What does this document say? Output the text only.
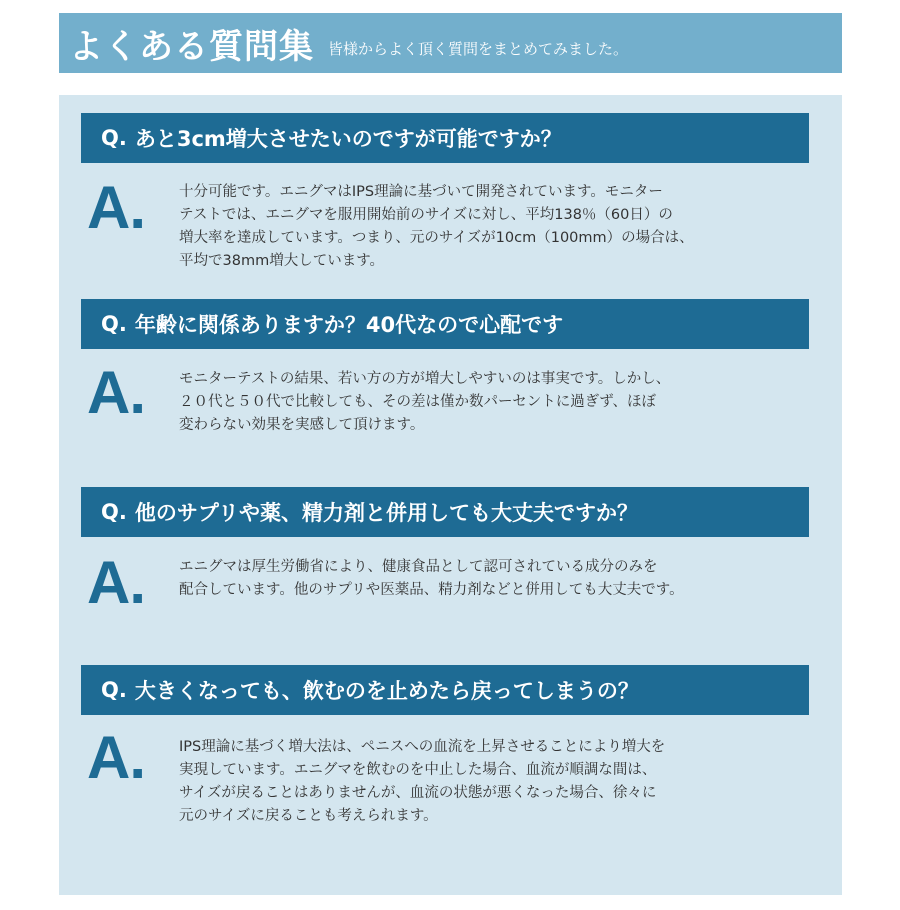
よくある質問集 皆様からよく頂く質問をまとめてみました。
Q. あと3cm増大させたいのですが可能ですか？
A.	十分可能です。エニグマはIPS理論に基づいて開発されています。モニター
テストでは、エニグマを服用開始前のサイズに対し、平均138％（60日）の
増大率を達成しています。つまり、元のサイズが10cm（100mm）の場合は、
平均で38mm増大しています。
Q. 年齢に関係ありますか？40代なので心配です
A.	モニターテストの結果、若い方の方が増大しやすいのは事実です。しかし、
２０代と５０代で比較しても、その差は僅か数パーセントに過ぎず、ほぼ
変わらない効果を実感して頂けます。
Q. 他のサプリや薬、精力剤と併用しても大丈夫ですか？
A.	エニグマは厚生労働省により、健康食品として認可されている成分のみを
配合しています。他のサプリや医薬品、精力剤などと併用しても大丈夫です。
Q. 大きくなっても、飲むのを止めたら戻ってしまうの？
A.	IPS理論に基づく増大法は、ペニスへの血流を上昇させることにより増大を
実現しています。エニグマを飲むのを中止した場合、血流が順調な間は、
サイズが戻ることはありませんが、血流の状態が悪くなった場合、徐々に
元のサイズに戻ることも考えられます。
